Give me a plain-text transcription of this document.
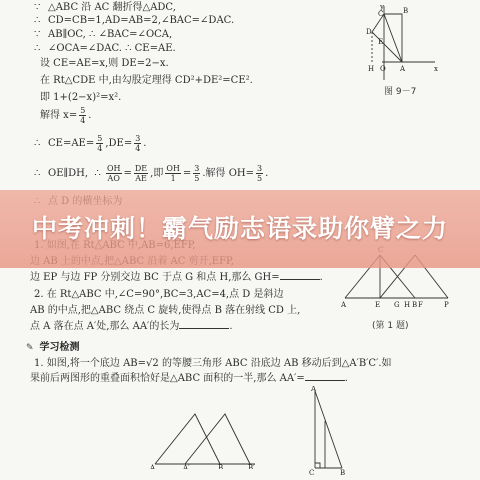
∵ △ABC 沿 AC 翻折得△ADC,
∴ CD=CB=1,AD=AB=2,∠BAC=∠DAC.
∵ AB∥OC, ∴ ∠BAC=∠OCA,
∴ ∠OCA=∠DAC. ∴ CE=AE.
设 CE=AE=x,则 DE=2−x.
在 Rt△CDE 中,由勾股定理得 CD²+DE²=CE².
即 1+(2−x)²=x².
解得 $x= \frac{5}{4}$ .
∴ $CE=AE= \frac{5}{4} ,DE= \frac{3}{4}$ .
∴ OE∥DH,  ∴ $\frac{OH}{AO} = \frac{DE}{AE}$ ,即 $\frac{OH}{1} = \frac{3}{5}$ .解得 $OH= \frac{3}{5}$ .
y
C	B
D
E
H O A	x
图 9－7
边 EP 与边 FP 分别交边 BC 于点 G 和点 H,那么 GH=	.
2. 在 Rt△ABC 中,∠C=90°,BC=3,AC=4,点 D 是斜边
AB 的中点,把△ABC 绕点 C 旋转,使得点 B 落在射线 CD 上,
点 A 落在点 A′处,那么 AA′的长为	.
A	E G H B F	P
(第 1 题)
✎ 学习检测
1. 如图,将一个底边 AB=√2 的等腰三角形 ABC 沿底边 AB 移动后到△A′B′C′.如
果前后两图形的重叠面积恰好是△ABC 面积的一半,那么 AA′=	.
A	A′	B	B′
A
B
C
中考冲刺！霸气励志语录助你臂之力
